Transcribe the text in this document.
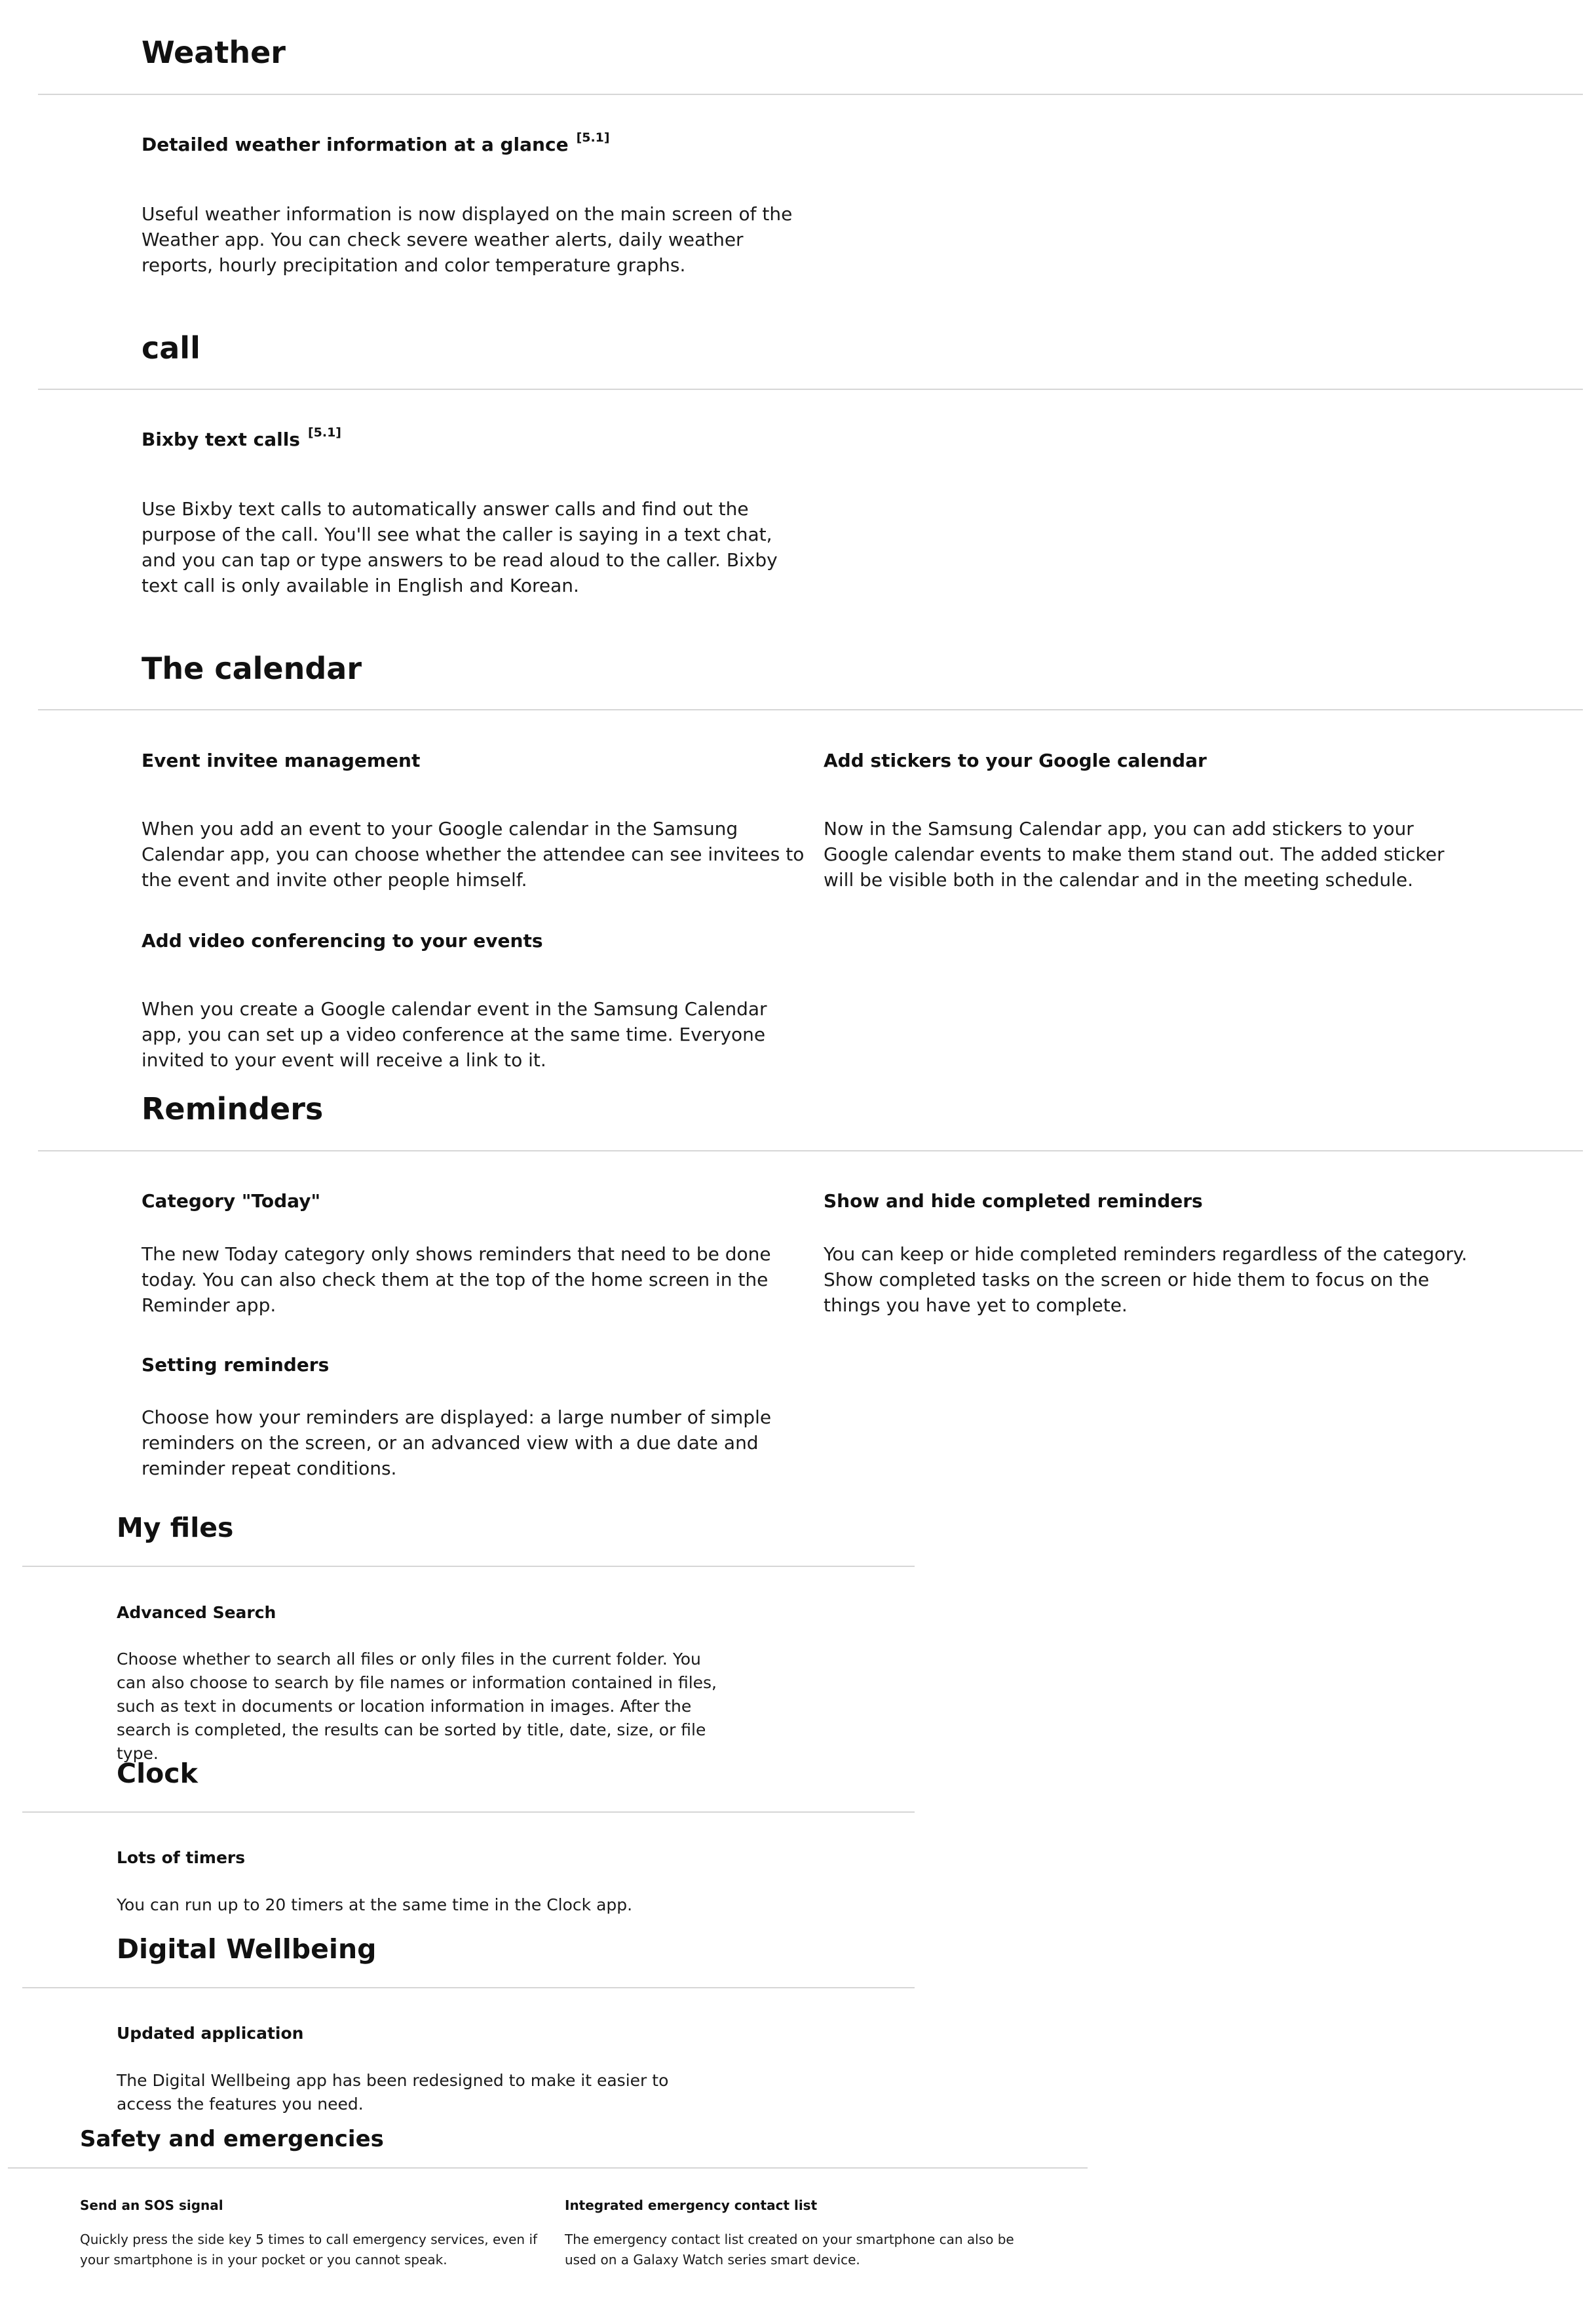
Weather
Detailed weather information at a glance [5.1]
Useful weather information is now displayed on the main screen of the Weather app. You can check severe weather alerts, daily weather reports, hourly precipitation and color temperature graphs.
call
Bixby text calls [5.1]
Use Bixby text calls to automatically answer calls and find out the purpose of the call. You'll see what the caller is saying in a text chat, and you can tap or type answers to be read aloud to the caller. Bixby text call is only available in English and Korean.
The calendar
Event invitee management
When you add an event to your Google calendar in the Samsung Calendar app, you can choose whether the attendee can see invitees to the event and invite other people himself.
Add stickers to your Google calendar
Now in the Samsung Calendar app, you can add stickers to your Google calendar events to make them stand out. The added sticker will be visible both in the calendar and in the meeting schedule.
Add video conferencing to your events
When you create a Google calendar event in the Samsung Calendar app, you can set up a video conference at the same time. Everyone invited to your event will receive a link to it.
Reminders
Category "Today"
The new Today category only shows reminders that need to be done today. You can also check them at the top of the home screen in the Reminder app.
Show and hide completed reminders
You can keep or hide completed reminders regardless of the category. Show completed tasks on the screen or hide them to focus on the things you have yet to complete.
Setting reminders
Choose how your reminders are displayed: a large number of simple reminders on the screen, or an advanced view with a due date and reminder repeat conditions.
My files
Advanced Search
Choose whether to search all files or only files in the current folder. You can also choose to search by file names or information contained in files, such as text in documents or location information in images. After the search is completed, the results can be sorted by title, date, size, or file type.
Clock
Lots of timers
You can run up to 20 timers at the same time in the Clock app.
Digital Wellbeing
Updated application
The Digital Wellbeing app has been redesigned to make it easier to access the features you need.
Safety and emergencies
Send an SOS signal
Quickly press the side key 5 times to call emergency services, even if your smartphone is in your pocket or you cannot speak.
Integrated emergency contact list
The emergency contact list created on your smartphone can also be used on a Galaxy Watch series smart device.
